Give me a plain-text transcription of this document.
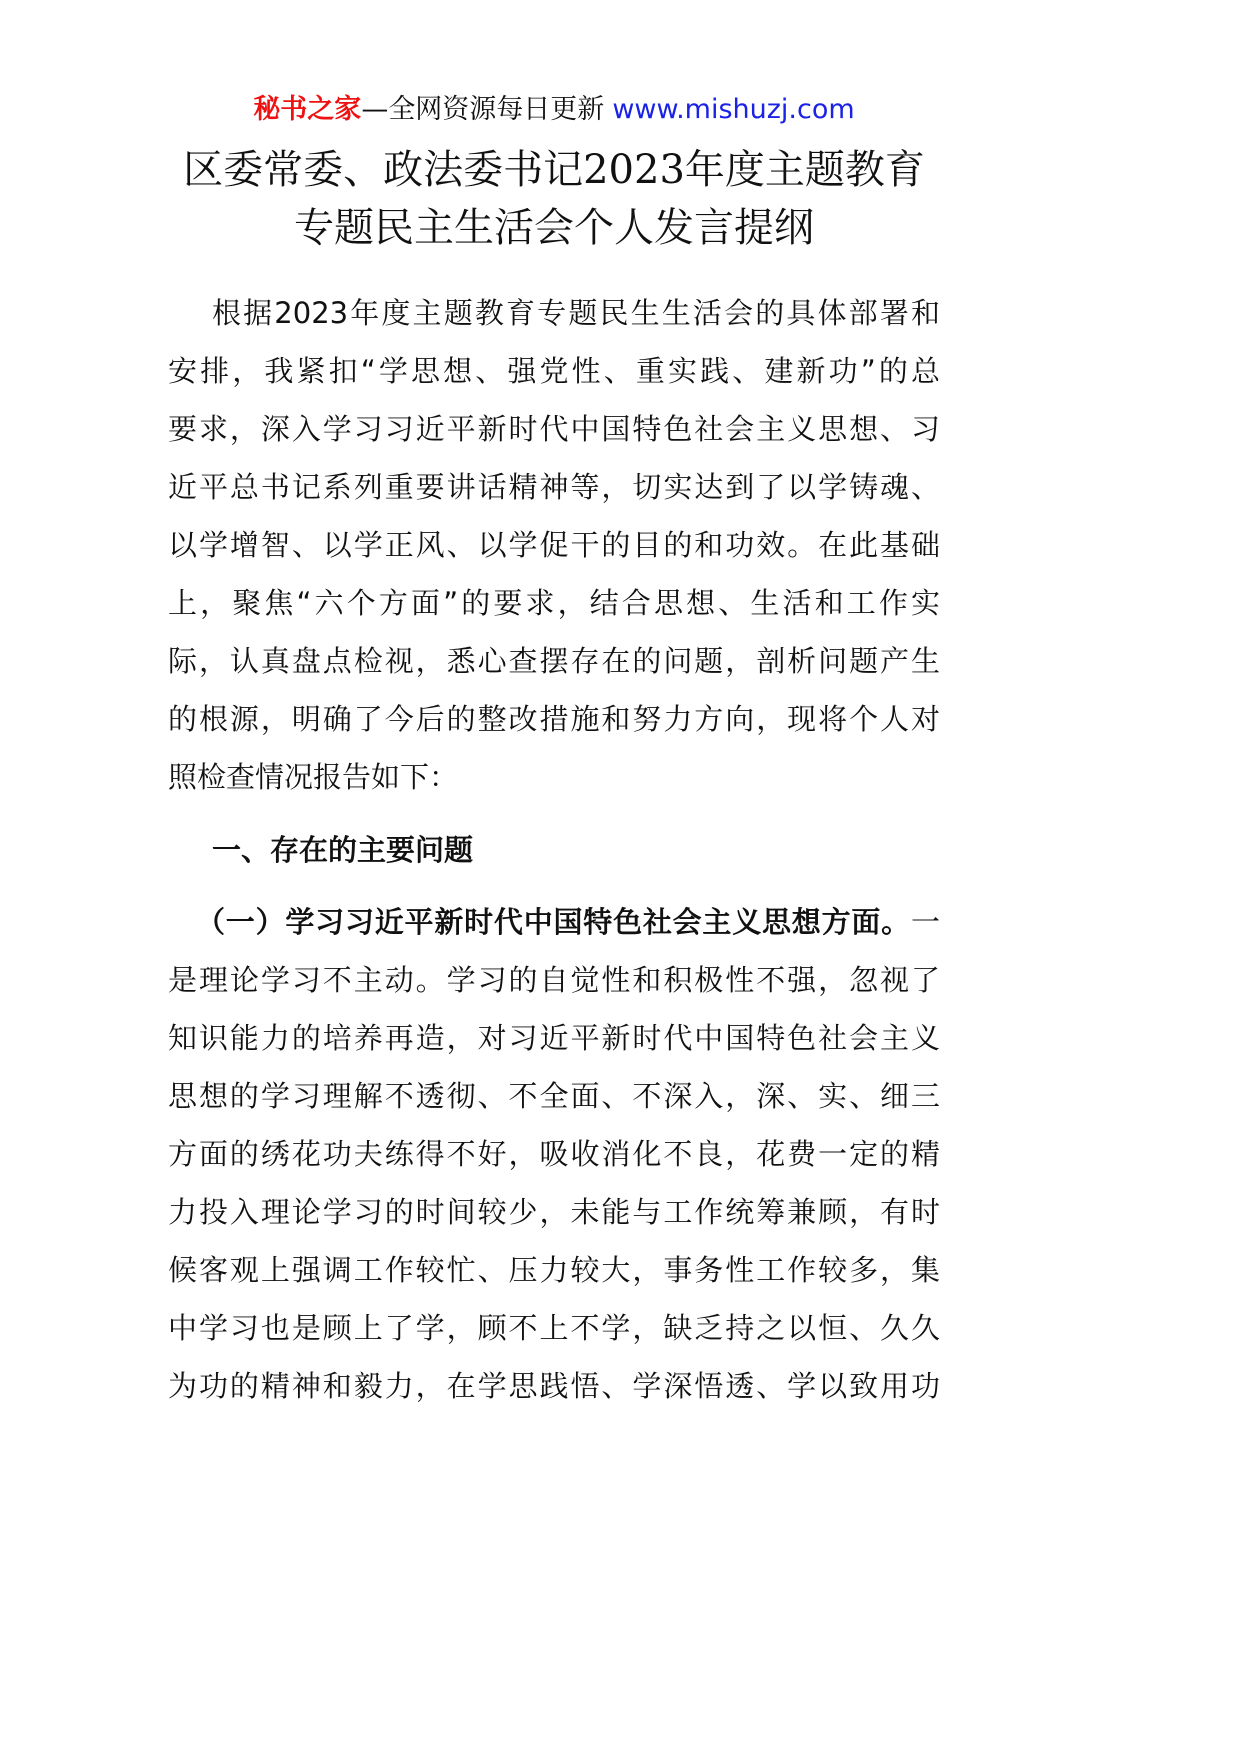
秘书之家—全网资源每日更新 www.mishuzj.com
区委常委、政法委书记2023年度主题教育
专题民主生活会个人发言提纲
根据2023年度主题教育专题民生生活会的具体部署和
安排，我紧扣“学思想、强党性、重实践、建新功”的总
要求，深入学习习近平新时代中国特色社会主义思想、习
近平总书记系列重要讲话精神等，切实达到了以学铸魂、
以学增智、以学正风、以学促干的目的和功效。在此基础
上，聚焦“六个方面”的要求，结合思想、生活和工作实
际，认真盘点检视，悉心查摆存在的问题，剖析问题产生
的根源，明确了今后的整改措施和努力方向，现将个人对
照检查情况报告如下：
一、存在的主要问题
（一）学习习近平新时代中国特色社会主义思想方面。一
是理论学习不主动。学习的自觉性和积极性不强，忽视了
知识能力的培养再造，对习近平新时代中国特色社会主义
思想的学习理解不透彻、不全面、不深入，深、实、细三
方面的绣花功夫练得不好，吸收消化不良，花费一定的精
力投入理论学习的时间较少，未能与工作统筹兼顾，有时
候客观上强调工作较忙、压力较大，事务性工作较多，集
中学习也是顾上了学，顾不上不学，缺乏持之以恒、久久
为功的精神和毅力，在学思践悟、学深悟透、学以致用功
